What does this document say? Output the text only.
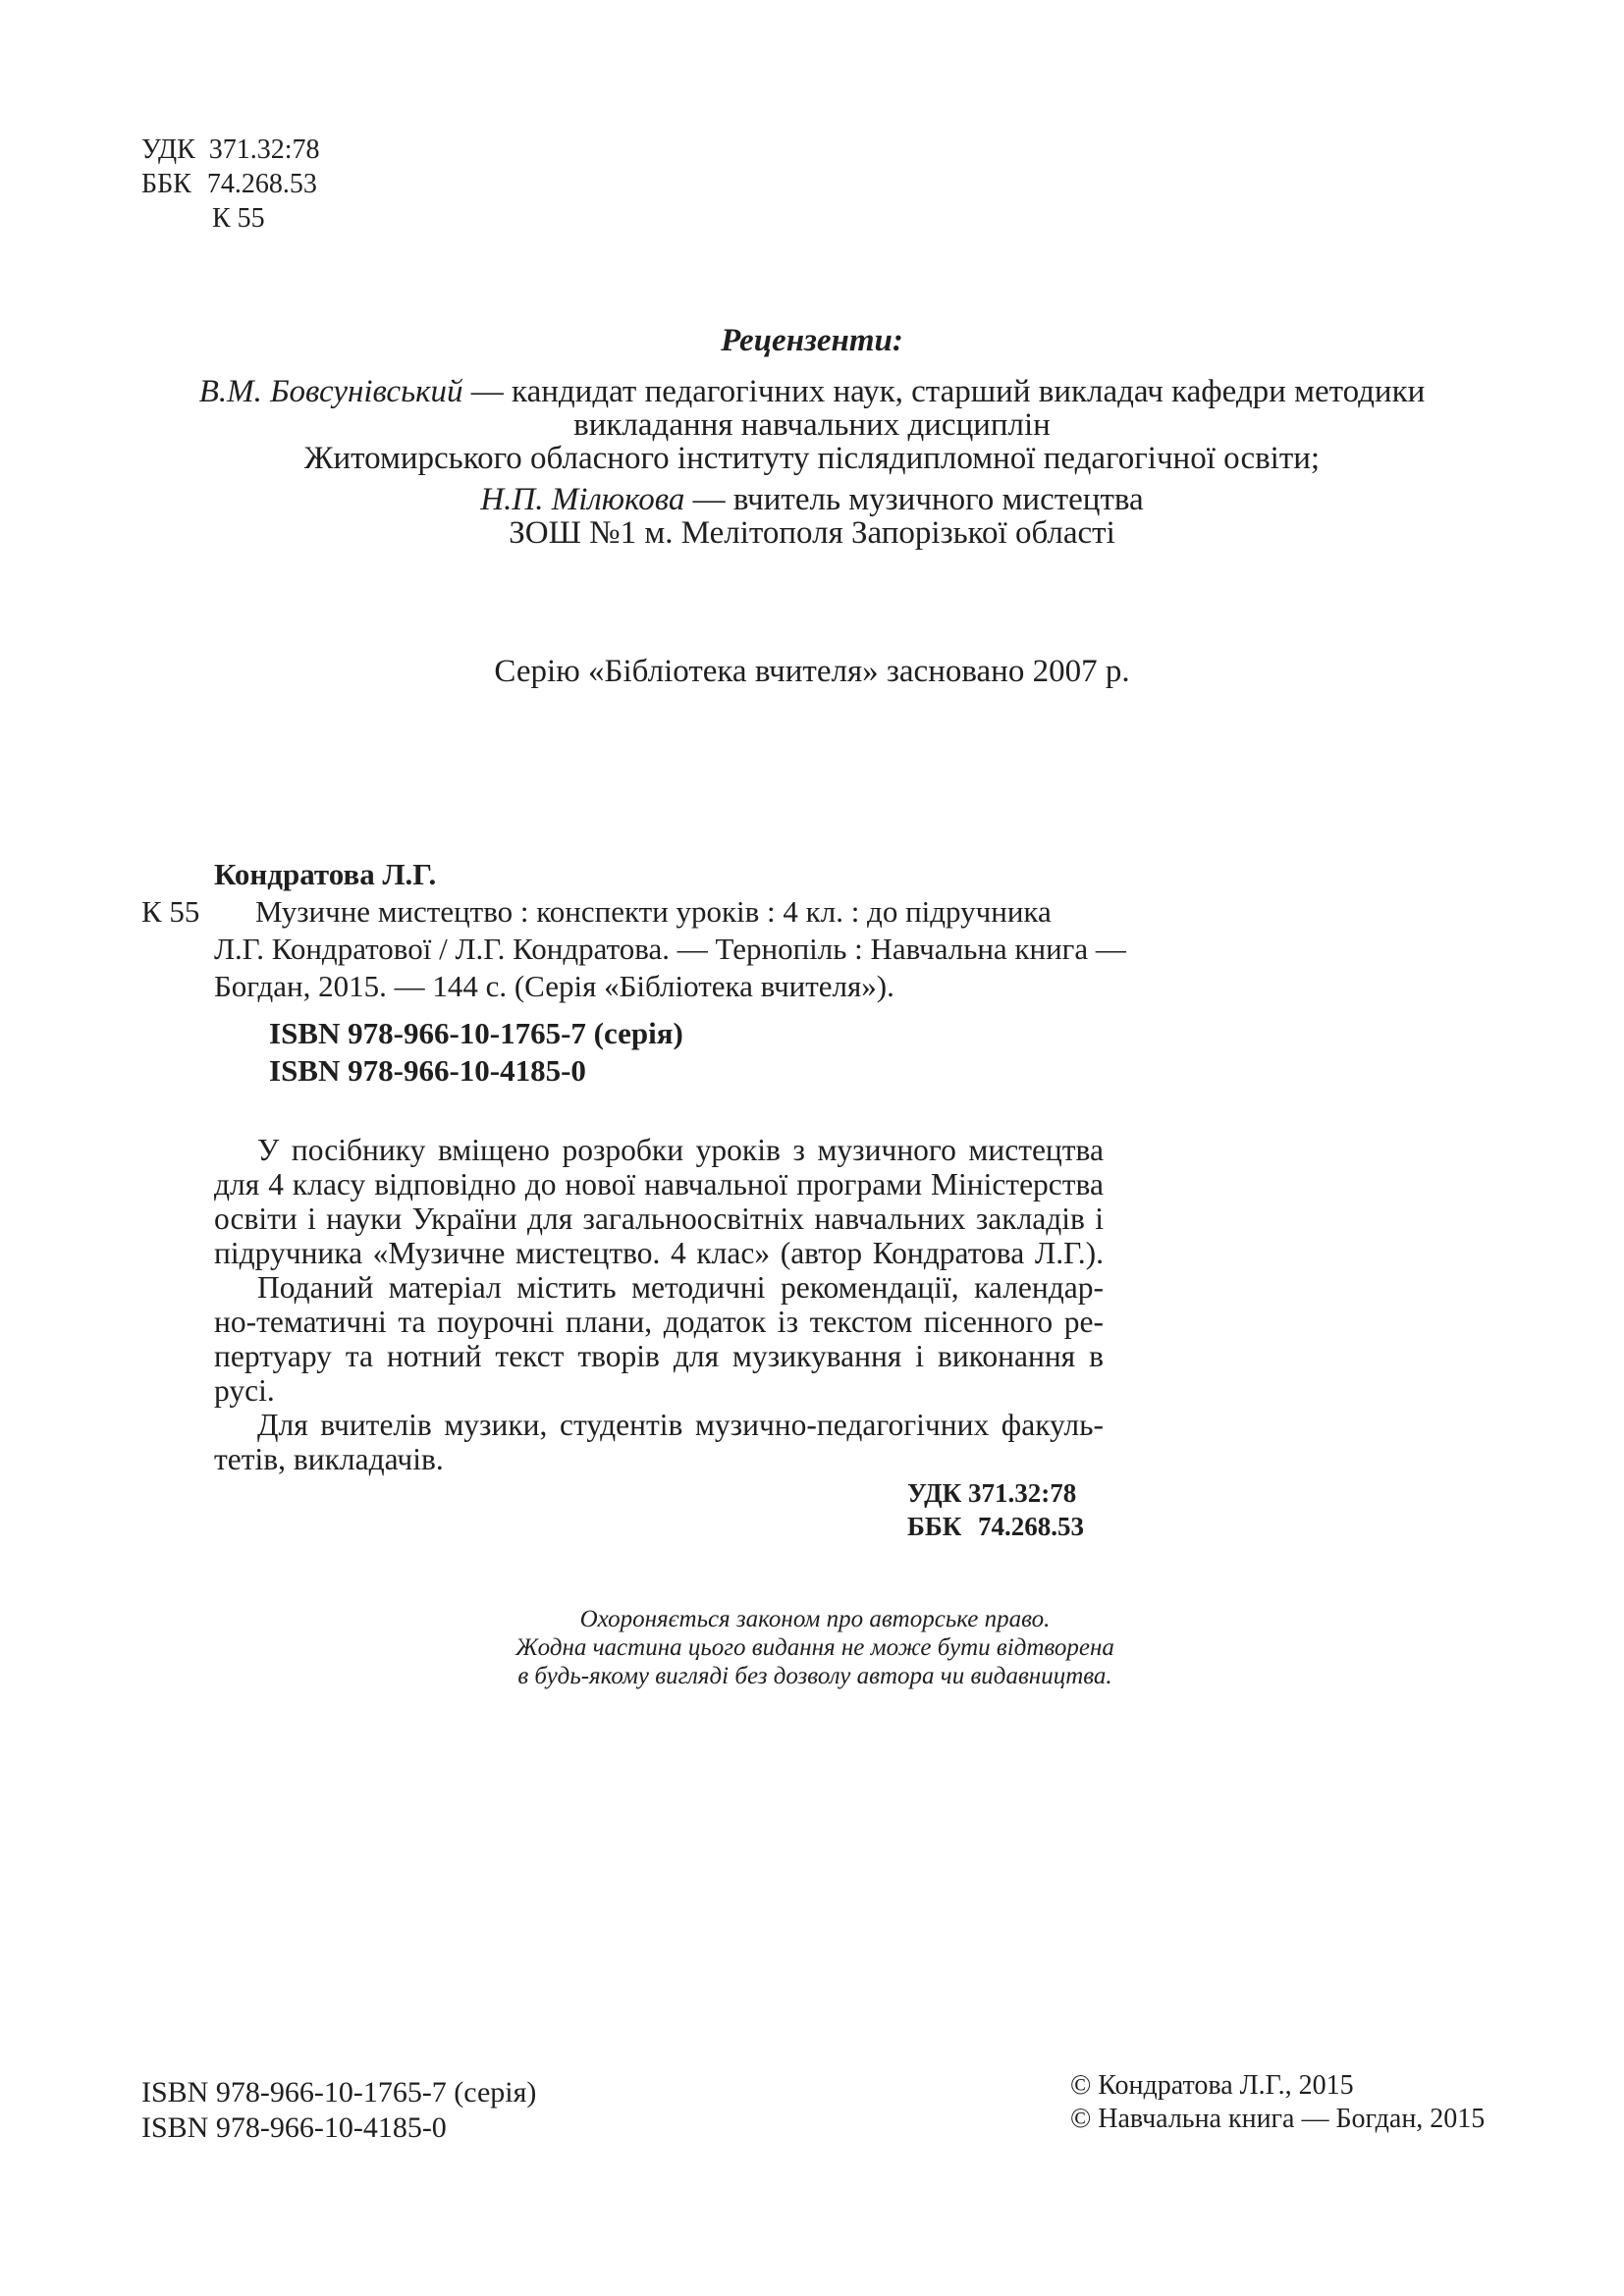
УДК 371.32:78
ББК 74.268.53
К 55
Рецензенти:
В.М. Бовсунівський — кандидат педагогічних наук, старший викладач кафедри методики
викладання навчальних дисциплін
Житомирського обласного інституту післядипломної педагогічної освіти;
Н.П. Мілюкова — вчитель музичного мистецтва
ЗОШ №1 м. Мелітополя Запорізької області
Серію «Бібліотека вчителя» засновано 2007 р.
Кондратова Л.Г.
К 55 Музичне мистецтво : конспекти уроків : 4 кл. : до підручника
Л.Г. Кондратової / Л.Г. Кондратова. — Тернопіль : Навчальна книга —
Богдан, 2015. — 144 с. (Серія «Бібліотека вчителя»).
ISBN 978-966-10-1765-7 (серія)
ISBN 978-966-10-4185-0
У посібнику вміщено розробки уроків з музичного мистецтва
для 4 класу відповідно до нової навчальної програми Міністерства
освіти і науки України для загальноосвітніх навчальних закладів і
підручника «Музичне мистецтво. 4 клас» (автор Кондратова Л.Г.).
Поданий матеріал містить методичні рекомендації, календар-
но-тематичні та поурочні плани, додаток із текстом пісенного ре-
пертуару та нотний текст творів для музикування і виконання в
русі.
Для вчителів музики, студентів музично-педагогічних факуль-
тетів, викладачів.
УДК 371.32:78
ББК 74.268.53
Охороняється законом про авторське право.
Жодна частина цього видання не може бути відтворена
в будь-якому вигляді без дозволу автора чи видавництва.
ISBN 978-966-10-1765-7 (серія)
ISBN 978-966-10-4185-0
© Кондратова Л.Г., 2015
© Навчальна книга — Богдан, 2015
